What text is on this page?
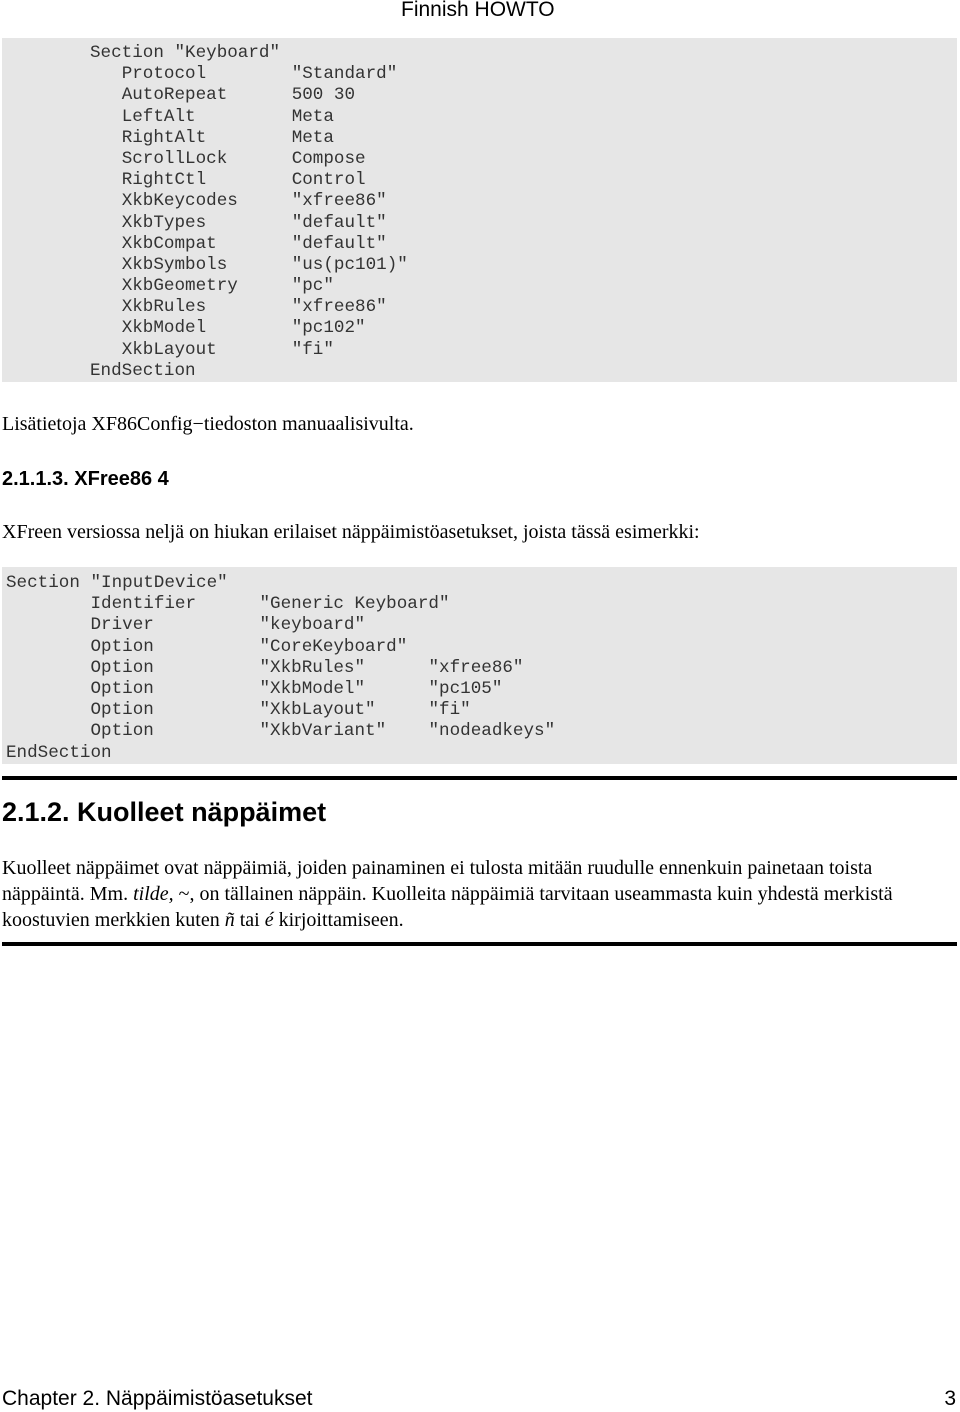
Finnish HOWTO
Section "Keyboard"
Protocol	"Standard"
AutoRepeat	500 30
LeftAlt	Meta
RightAlt	Meta
ScrollLock	Compose
RightCtl	Control
XkbKeycodes	"xfree86"
XkbTypes	"default"
XkbCompat	"default"
XkbSymbols	"us(pc101)"
XkbGeometry	"pc"
XkbRules	"xfree86"
XkbModel	"pc102"
XkbLayout	"fi"
EndSection

Lisätietoja XF86Config−tiedoston manuaalisivulta.

2.1.1.3. XFree86 4

XFreen versiossa neljä on hiukan erilaiset näppäimistöasetukset, joista tässä esimerkki:

Section "InputDevice"
Identifier	"Generic Keyboard"
Driver	"keyboard"
Option	"CoreKeyboard"
Option	"XkbRules"	"xfree86"
Option	"XkbModel"	"pc105"
Option	"XkbLayout"	"fi"
Option	"XkbVariant" "nodeadkeys"
EndSection
2.1.2. Kuolleet näppäimet

Kuolleet näppäimet ovat näppäimiä, joiden painaminen ei tulosta mitään ruudulle ennenkuin painetaan toista näppäintä. Mm. tilde, ~, on tällainen näppäin. Kuolleita näppäimiä tarvitaan useammasta kuin yhdestä merkistä koostuvien merkkien kuten ñ tai é kirjoittamiseen.

Chapter 2. Näppäimistöasetukset	3
